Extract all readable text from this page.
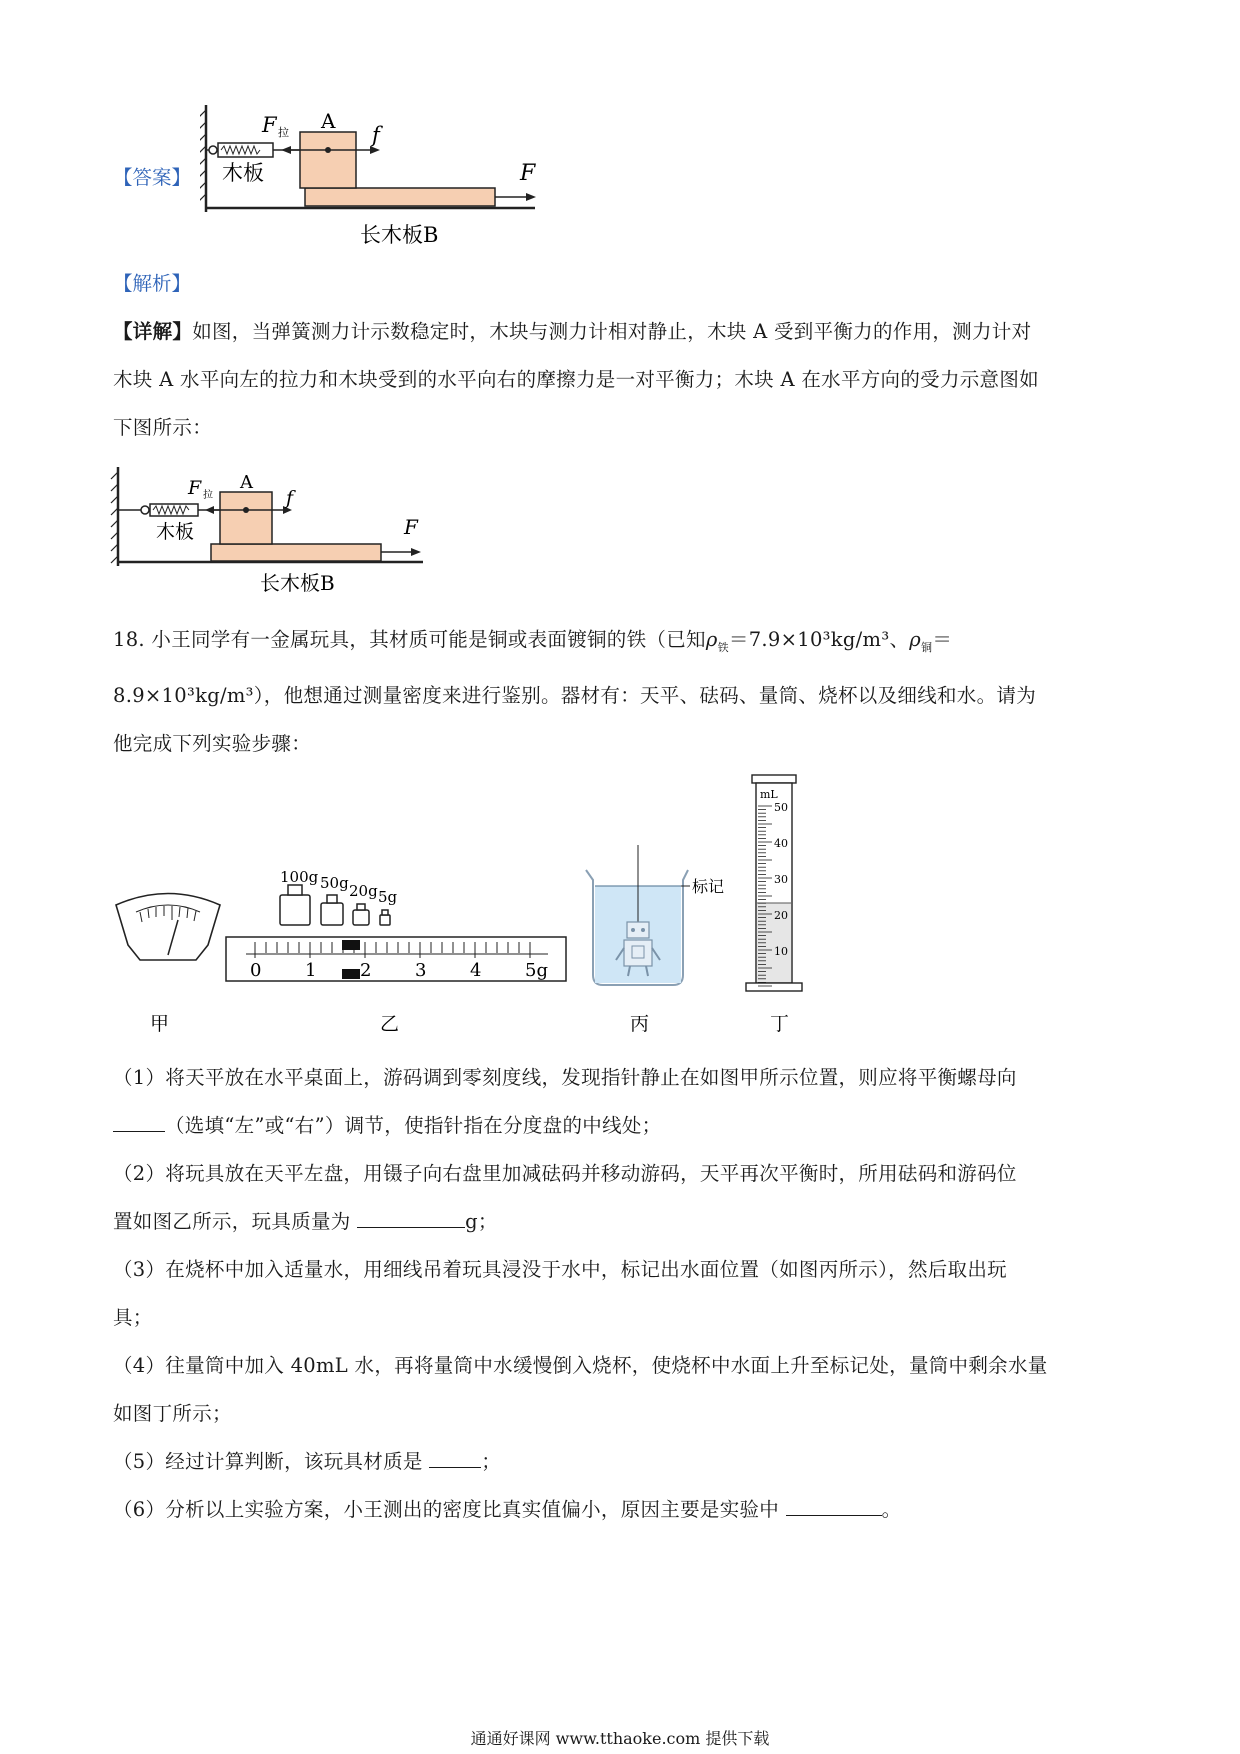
【答案】	F
木板
A
F 拉	f
长木板B
【解析】
【详解】如图，当弹簧测力计示数稳定时，木块与测力计相对静止，木块 A 受到平衡力的作用，测力计对
木块 A 水平向左的拉力和木块受到的水平向右的摩擦力是一对平衡力；木块 A 在水平方向的受力示意图如
下图所示：
F
木板
A
F 拉	f
长木板B
18. 小王同学有一金属玩具，其材质可能是铜或表面镀铜的铁（已知$\rho_铁=7.9\times 10^3kg/m^3$、$\rho_铜=$
8.9×10³kg/m³），他想通过测量密度来进行鉴别。器材有：天平、砝码、量筒、烧杯以及细线和水。请为
他完成下列实验步骤：
甲
100g 50g 20g 5g
0 1 2 3 4 5g
乙
标记
丙
mL
50
40
30
20
10
丁
（1）将天平放在水平桌面上，游码调到零刻度线，发现指针静止在如图甲所示位置，则应将平衡螺母向
（选填“左”或“右”）调节，使指针指在分度盘的中线处；
（2）将玩具放在天平左盘，用镊子向右盘里加减砝码并移动游码，天平再次平衡时，所用砝码和游码位
置如图乙所示，玩具质量为	g；
（3）在烧杯中加入适量水，用细线吊着玩具浸没于水中，标记出水面位置（如图丙所示），然后取出玩
具；
（4）往量筒中加入 40mL 水，再将量筒中水缓慢倒入烧杯，使烧杯中水面上升至标记处，量筒中剩余水量
如图丁所示；
（5）经过计算判断，该玩具材质是	；
（6）分析以上实验方案，小王测出的密度比真实值偏小，原因主要是实验中	。
通通好课网 www.tthaoke.com 提供下载
